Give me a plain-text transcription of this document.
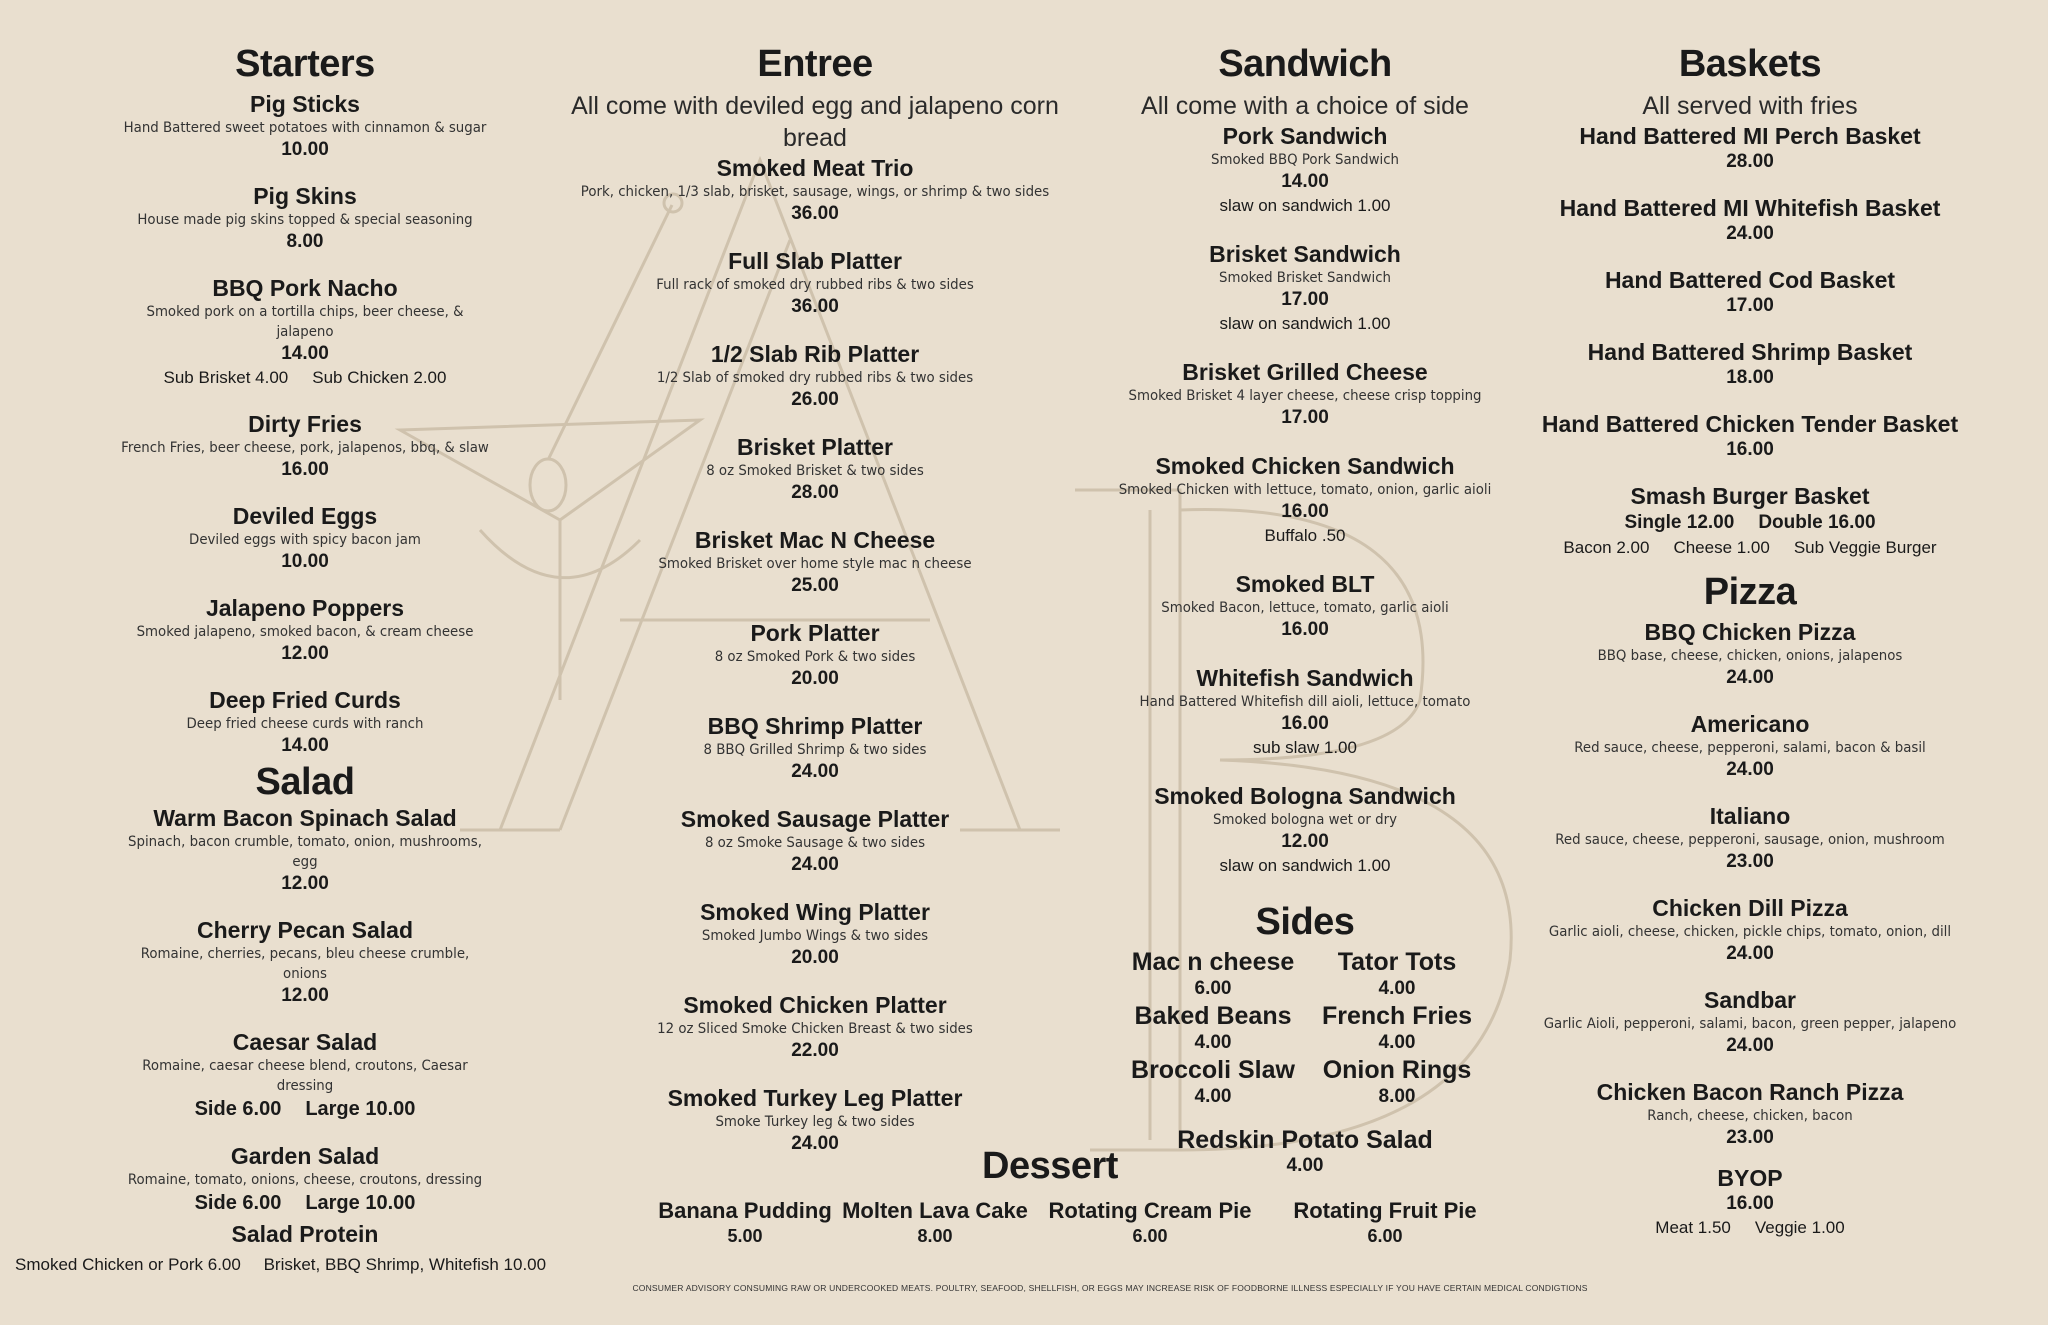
Starters
Pig Sticks
Hand Battered sweet potatoes with cinnamon & sugar
10.00
Pig Skins
House made pig skins topped & special seasoning
8.00
BBQ Pork Nacho
Smoked pork on a tortilla chips, beer cheese, & jalapeno
14.00
Sub Brisket 4.00 Sub Chicken 2.00
Dirty Fries
French Fries, beer cheese, pork, jalapenos, bbq, & slaw
16.00
Deviled Eggs
Deviled eggs with spicy bacon jam
10.00
Jalapeno Poppers
Smoked jalapeno, smoked bacon, & cream cheese
12.00
Deep Fried Curds
Deep fried cheese curds with ranch
14.00
Salad
Warm Bacon Spinach Salad
Spinach, bacon crumble, tomato, onion, mushrooms, egg
12.00
Cherry Pecan Salad
Romaine, cherries, pecans, bleu cheese crumble, onions
12.00
Caesar Salad
Romaine, caesar cheese blend, croutons, Caesar dressing
Side 6.00 Large 10.00
Garden Salad
Romaine, tomato, onions, cheese, croutons, dressing
Side 6.00 Large 10.00
Salad Protein
Smoked Chicken or Pork 6.00 Brisket, BBQ Shrimp, Whitefish 10.00
Entree
All come with deviled egg and jalapeno corn bread
Smoked Meat Trio
Pork, chicken, 1/3 slab, brisket, sausage, wings, or shrimp & two sides
36.00
Full Slab Platter
Full rack of smoked dry rubbed ribs & two sides
36.00
1/2 Slab Rib Platter
1/2 Slab of smoked dry rubbed ribs & two sides
26.00
Brisket Platter
8 oz Smoked Brisket & two sides
28.00
Brisket Mac N Cheese
Smoked Brisket over home style mac n cheese
25.00
Pork Platter
8 oz Smoked Pork & two sides
20.00
BBQ Shrimp Platter
8 BBQ Grilled Shrimp & two sides
24.00
Smoked Sausage Platter
8 oz Smoke Sausage & two sides
24.00
Smoked Wing Platter
Smoked Jumbo Wings & two sides
20.00
Smoked Chicken Platter
12 oz Sliced Smoke Chicken Breast & two sides
22.00
Smoked Turkey Leg Platter
Smoke Turkey leg & two sides
24.00
Sandwich
All come with a choice of side
Pork Sandwich
Smoked BBQ Pork Sandwich
14.00
slaw on sandwich 1.00
Brisket Sandwich
Smoked Brisket Sandwich
17.00
slaw on sandwich 1.00
Brisket Grilled Cheese
Smoked Brisket 4 layer cheese, cheese crisp topping
17.00
Smoked Chicken Sandwich
Smoked Chicken with lettuce, tomato, onion, garlic aioli
16.00
Buffalo .50
Smoked BLT
Smoked Bacon, lettuce, tomato, garlic aioli
16.00
Whitefish Sandwich
Hand Battered Whitefish dill aioli, lettuce, tomato
16.00
sub slaw 1.00
Smoked Bologna Sandwich
Smoked bologna wet or dry
12.00
slaw on sandwich 1.00
Sides
Mac n cheese
6.00
Tator Tots
4.00
Baked Beans
4.00
French Fries
4.00
Broccoli Slaw
4.00
Onion Rings
8.00
Redskin Potato Salad
4.00
Baskets
All served with fries
Hand Battered MI Perch Basket
28.00
Hand Battered MI Whitefish Basket
24.00
Hand Battered Cod Basket
17.00
Hand Battered Shrimp Basket
18.00
Hand Battered Chicken Tender Basket
16.00
Smash Burger Basket
Single 12.00 Double 16.00
Bacon 2.00 Cheese 1.00 Sub Veggie Burger
Pizza
BBQ Chicken Pizza
BBQ base, cheese, chicken, onions, jalapenos
24.00
Americano
Red sauce, cheese, pepperoni, salami, bacon & basil
24.00
Italiano
Red sauce, cheese, pepperoni, sausage, onion, mushroom
23.00
Chicken Dill Pizza
Garlic aioli, cheese, chicken, pickle chips, tomato, onion, dill
24.00
Sandbar
Garlic Aioli, pepperoni, salami, bacon, green pepper, jalapeno
24.00
Chicken Bacon Ranch Pizza
Ranch, cheese, chicken, bacon
23.00
BYOP
16.00
Meat 1.50 Veggie 1.00
Dessert
Banana Pudding
5.00
Molten Lava Cake
8.00
Rotating Cream Pie
6.00
Rotating Fruit Pie
6.00
CONSUMER ADVISORY CONSUMING RAW OR UNDERCOOKED MEATS. POULTRY, SEAFOOD, SHELLFISH, OR EGGS MAY INCREASE RISK OF FOODBORNE ILLNESS ESPECIALLY IF YOU HAVE CERTAIN MEDICAL CONDIGTIONS
